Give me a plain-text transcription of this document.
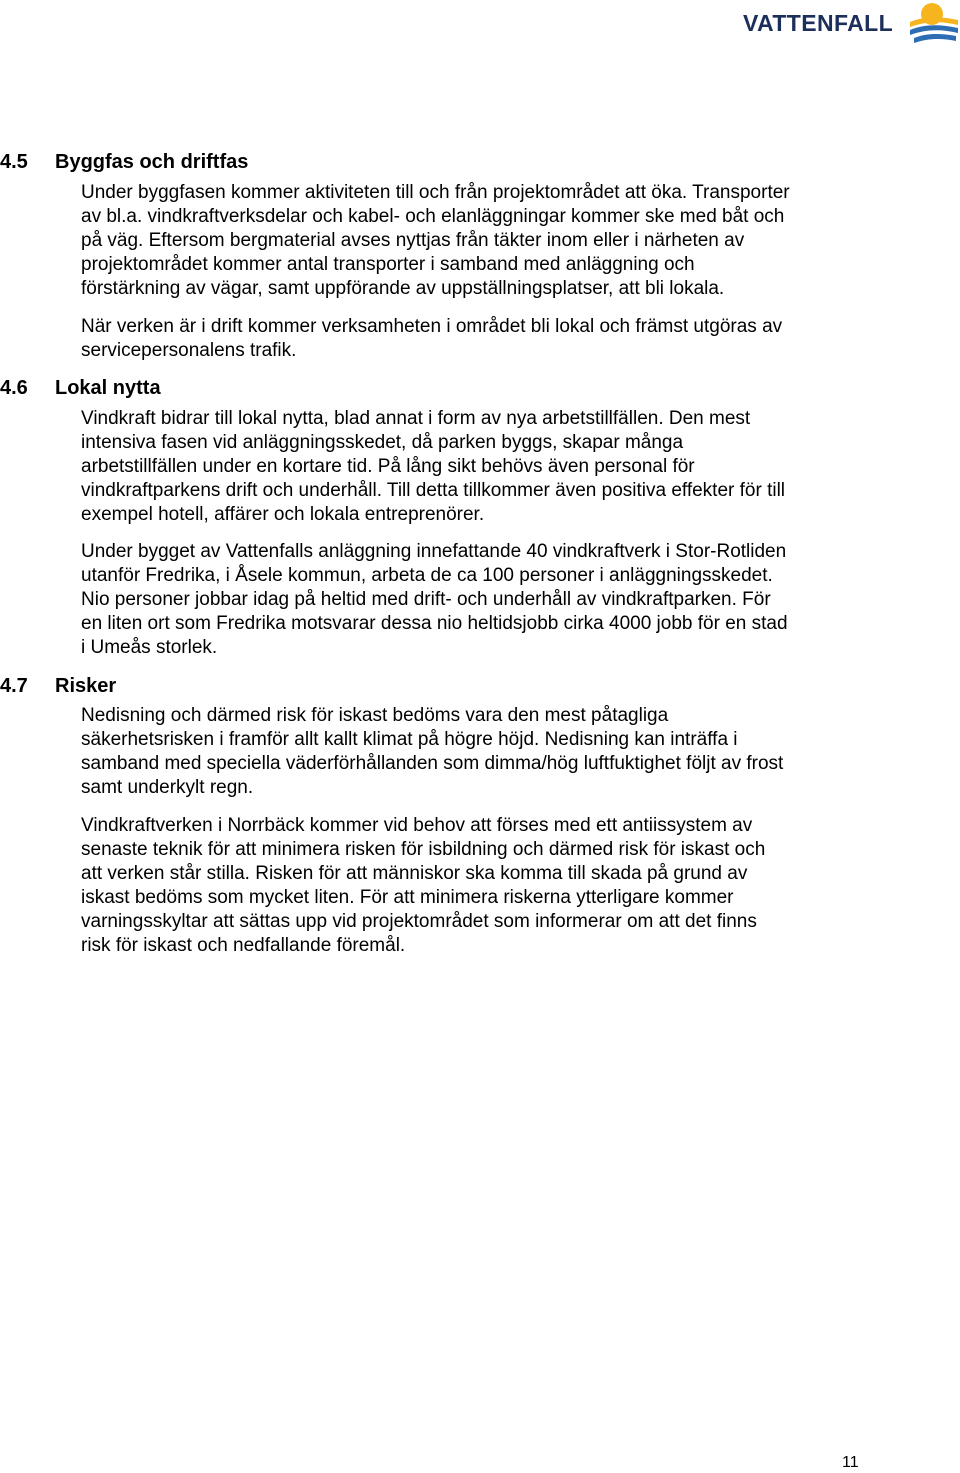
VATTENFALL
4.5 Byggfas och driftfas

Under byggfasen kommer aktiviteten till och från projektområdet att öka. Transporter
av bl.a. vindkraftverksdelar och kabel- och elanläggningar kommer ske med båt och
på väg. Eftersom bergmaterial avses nyttjas från täkter inom eller i närheten av
projektområdet kommer antal transporter i samband med anläggning och
förstärkning av vägar, samt uppförande av uppställningsplatser, att bli lokala.

När verken är i drift kommer verksamheten i området bli lokal och främst utgöras av
servicepersonalens trafik.

4.6 Lokal nytta

Vindkraft bidrar till lokal nytta, blad annat i form av nya arbetstillfällen. Den mest
intensiva fasen vid anläggningsskedet, då parken byggs, skapar många
arbetstillfällen under en kortare tid. På lång sikt behövs även personal för
vindkraftparkens drift och underhåll. Till detta tillkommer även positiva effekter för till
exempel hotell, affärer och lokala entreprenörer.

Under bygget av Vattenfalls anläggning innefattande 40 vindkraftverk i Stor-Rotliden
utanför Fredrika, i Åsele kommun, arbeta de ca 100 personer i anläggningsskedet.
Nio personer jobbar idag på heltid med drift- och underhåll av vindkraftparken. För
en liten ort som Fredrika motsvarar dessa nio heltidsjobb cirka 4000 jobb för en stad
i Umeås storlek.

4.7 Risker

Nedisning och därmed risk för iskast bedöms vara den mest påtagliga
säkerhetsrisken i framför allt kallt klimat på högre höjd. Nedisning kan inträffa i
samband med speciella väderförhållanden som dimma/hög luftfuktighet följt av frost
samt underkylt regn.

Vindkraftverken i Norrbäck kommer vid behov att förses med ett antiissystem av
senaste teknik för att minimera risken för isbildning och därmed risk för iskast och
att verken står stilla. Risken för att människor ska komma till skada på grund av
iskast bedöms som mycket liten. För att minimera riskerna ytterligare kommer
varningsskyltar att sättas upp vid projektområdet som informerar om att det finns
risk för iskast och nedfallande föremål.

11
